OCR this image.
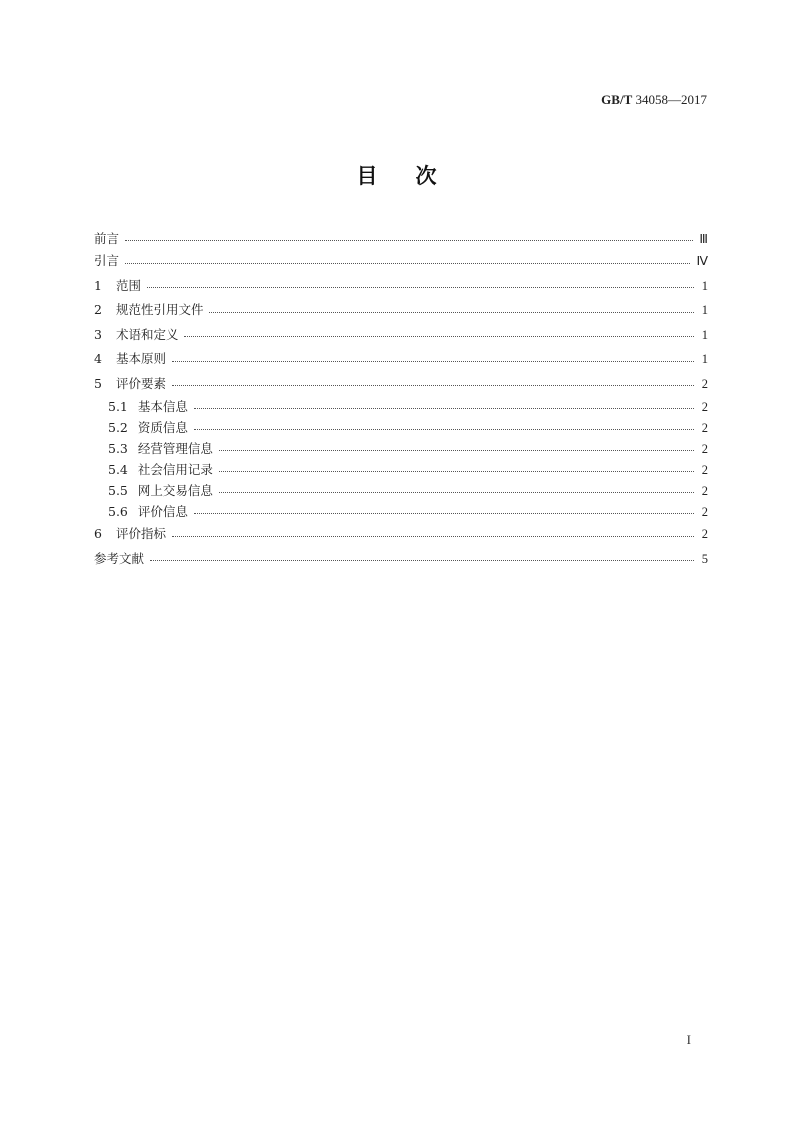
GB/T 34058—2017
目次
前言	Ⅲ
引言	Ⅳ
1 范围	1
2 规范性引用文件	1
3 术语和定义	1
4 基本原则	1
5 评价要素	2
5.1 基本信息	2
5.2 资质信息	2
5.3 经营管理信息	2
5.4 社会信用记录	2
5.5 网上交易信息	2
5.6 评价信息	2
6 评价指标	2
参考文献	5
I
